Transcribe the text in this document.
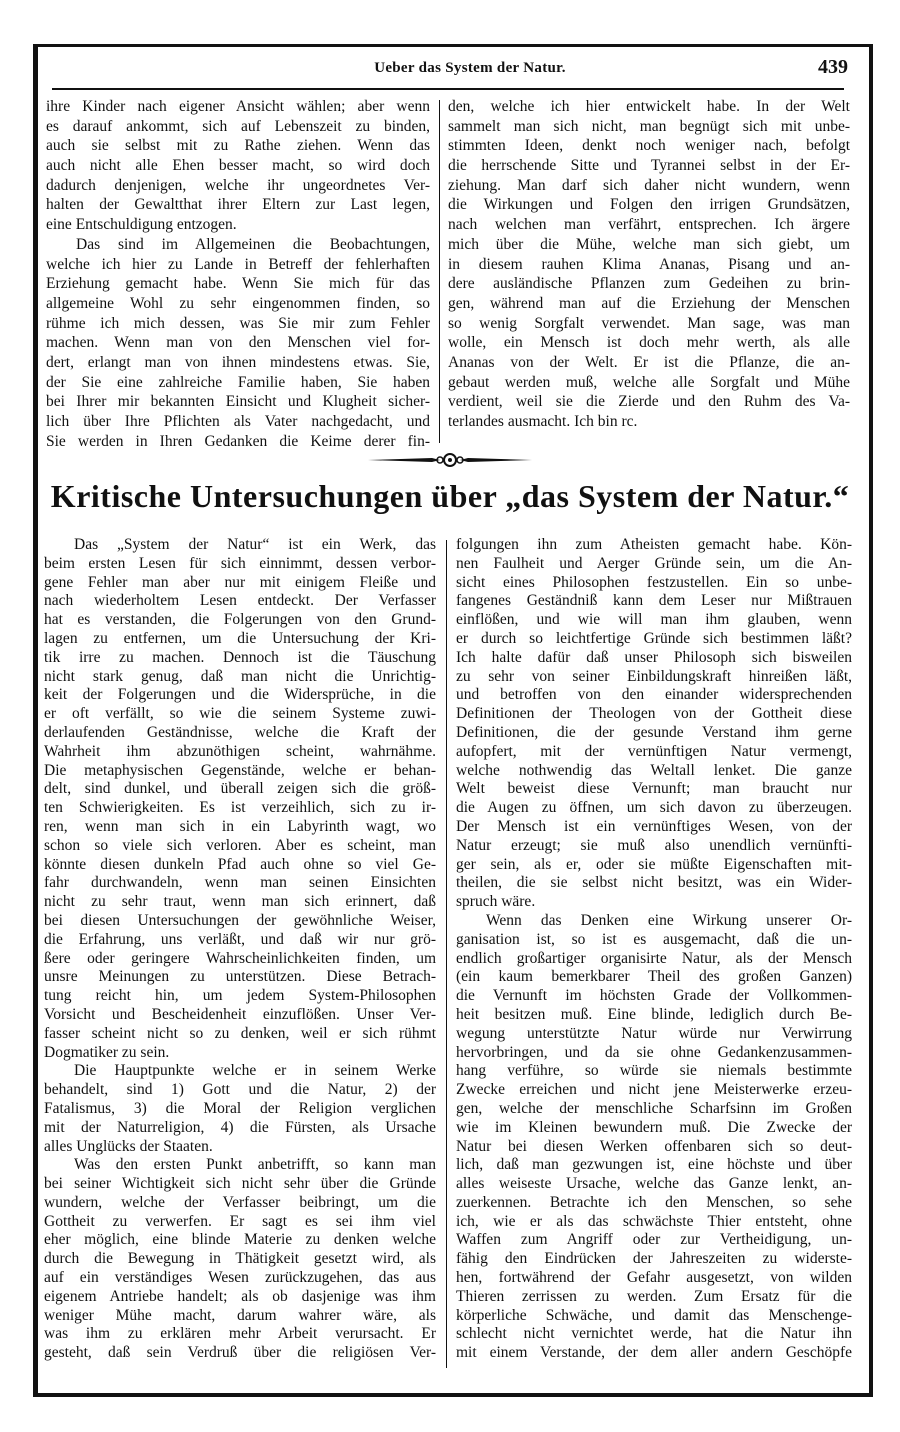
Ueber das System der Natur.	439
ihre Kinder nach eigener Ansicht wählen; aber wenn
es darauf ankommt, sich auf Lebenszeit zu binden,
auch sie selbst mit zu Rathe ziehen. Wenn das
auch nicht alle Ehen besser macht, so wird doch
dadurch denjenigen, welche ihr ungeordnetes Ver-
halten der Gewaltthat ihrer Eltern zur Last legen,
eine Entschuldigung entzogen.
Das sind im Allgemeinen die Beobachtungen,
welche ich hier zu Lande in Betreff der fehlerhaften
Erziehung gemacht habe. Wenn Sie mich für das
allgemeine Wohl zu sehr eingenommen finden, so
rühme ich mich dessen, was Sie mir zum Fehler
machen. Wenn man von den Menschen viel for-
dert, erlangt man von ihnen mindestens etwas. Sie,
der Sie eine zahlreiche Familie haben, Sie haben
bei Ihrer mir bekannten Einsicht und Klugheit sicher-
lich über Ihre Pflichten als Vater nachgedacht, und
Sie werden in Ihren Gedanken die Keime derer fin-
den, welche ich hier entwickelt habe. In der Welt
sammelt man sich nicht, man begnügt sich mit unbe-
stimmten Ideen, denkt noch weniger nach, befolgt
die herrschende Sitte und Tyrannei selbst in der Er-
ziehung. Man darf sich daher nicht wundern, wenn
die Wirkungen und Folgen den irrigen Grundsätzen,
nach welchen man verfährt, entsprechen. Ich ärgere
mich über die Mühe, welche man sich giebt, um
in diesem rauhen Klima Ananas, Pisang und an-
dere ausländische Pflanzen zum Gedeihen zu brin-
gen, während man auf die Erziehung der Menschen
so wenig Sorgfalt verwendet. Man sage, was man
wolle, ein Mensch ist doch mehr werth, als alle
Ananas von der Welt. Er ist die Pflanze, die an-
gebaut werden muß, welche alle Sorgfalt und Mühe
verdient, weil sie die Zierde und den Ruhm des Va-
terlandes ausmacht. Ich bin rc.
Kritische Untersuchungen über „das System der Natur.“
Das „System der Natur“ ist ein Werk, das
beim ersten Lesen für sich einnimmt, dessen verbor-
gene Fehler man aber nur mit einigem Fleiße und
nach wiederholtem Lesen entdeckt. Der Verfasser
hat es verstanden, die Folgerungen von den Grund-
lagen zu entfernen, um die Untersuchung der Kri-
tik irre zu machen. Dennoch ist die Täuschung
nicht stark genug, daß man nicht die Unrichtig-
keit der Folgerungen und die Widersprüche, in die
er oft verfällt, so wie die seinem Systeme zuwi-
derlaufenden Geständnisse, welche die Kraft der
Wahrheit ihm abzunöthigen scheint, wahrnähme.
Die metaphysischen Gegenstände, welche er behan-
delt, sind dunkel, und überall zeigen sich die größ-
ten Schwierigkeiten. Es ist verzeihlich, sich zu ir-
ren, wenn man sich in ein Labyrinth wagt, wo
schon so viele sich verloren. Aber es scheint, man
könnte diesen dunkeln Pfad auch ohne so viel Ge-
fahr durchwandeln, wenn man seinen Einsichten
nicht zu sehr traut, wenn man sich erinnert, daß
bei diesen Untersuchungen der gewöhnliche Weiser,
die Erfahrung, uns verläßt, und daß wir nur grö-
ßere oder geringere Wahrscheinlichkeiten finden, um
unsre Meinungen zu unterstützen. Diese Betrach-
tung reicht hin, um jedem System-Philosophen
Vorsicht und Bescheidenheit einzuflößen. Unser Ver-
fasser scheint nicht so zu denken, weil er sich rühmt
Dogmatiker zu sein.
Die Hauptpunkte welche er in seinem Werke
behandelt, sind 1) Gott und die Natur, 2) der
Fatalismus, 3) die Moral der Religion verglichen
mit der Naturreligion, 4) die Fürsten, als Ursache
alles Unglücks der Staaten.
Was den ersten Punkt anbetrifft, so kann man
bei seiner Wichtigkeit sich nicht sehr über die Gründe
wundern, welche der Verfasser beibringt, um die
Gottheit zu verwerfen. Er sagt es sei ihm viel
eher möglich, eine blinde Materie zu denken welche
durch die Bewegung in Thätigkeit gesetzt wird, als
auf ein verständiges Wesen zurückzugehen, das aus
eigenem Antriebe handelt; als ob dasjenige was ihm
weniger Mühe macht, darum wahrer wäre, als
was ihm zu erklären mehr Arbeit verursacht. Er
gesteht, daß sein Verdruß über die religiösen Ver-
folgungen ihn zum Atheisten gemacht habe. Kön-
nen Faulheit und Aerger Gründe sein, um die An-
sicht eines Philosophen festzustellen. Ein so unbe-
fangenes Geständniß kann dem Leser nur Mißtrauen
einflößen, und wie will man ihm glauben, wenn
er durch so leichtfertige Gründe sich bestimmen läßt?
Ich halte dafür daß unser Philosoph sich bisweilen
zu sehr von seiner Einbildungskraft hinreißen läßt,
und betroffen von den einander widersprechenden
Definitionen der Theologen von der Gottheit diese
Definitionen, die der gesunde Verstand ihm gerne
aufopfert, mit der vernünftigen Natur vermengt,
welche nothwendig das Weltall lenket. Die ganze
Welt beweist diese Vernunft; man braucht nur
die Augen zu öffnen, um sich davon zu überzeugen.
Der Mensch ist ein vernünftiges Wesen, von der
Natur erzeugt; sie muß also unendlich vernünfti-
ger sein, als er, oder sie müßte Eigenschaften mit-
theilen, die sie selbst nicht besitzt, was ein Wider-
spruch wäre.
Wenn das Denken eine Wirkung unserer Or-
ganisation ist, so ist es ausgemacht, daß die un-
endlich großartiger organisirte Natur, als der Mensch
(ein kaum bemerkbarer Theil des großen Ganzen)
die Vernunft im höchsten Grade der Vollkommen-
heit besitzen muß. Eine blinde, lediglich durch Be-
wegung unterstützte Natur würde nur Verwirrung
hervorbringen, und da sie ohne Gedankenzusammen-
hang verführe, so würde sie niemals bestimmte
Zwecke erreichen und nicht jene Meisterwerke erzeu-
gen, welche der menschliche Scharfsinn im Großen
wie im Kleinen bewundern muß. Die Zwecke der
Natur bei diesen Werken offenbaren sich so deut-
lich, daß man gezwungen ist, eine höchste und über
alles weiseste Ursache, welche das Ganze lenkt, an-
zuerkennen. Betrachte ich den Menschen, so sehe
ich, wie er als das schwächste Thier entsteht, ohne
Waffen zum Angriff oder zur Vertheidigung, un-
fähig den Eindrücken der Jahreszeiten zu widerste-
hen, fortwährend der Gefahr ausgesetzt, von wilden
Thieren zerrissen zu werden. Zum Ersatz für die
körperliche Schwäche, und damit das Menschenge-
schlecht nicht vernichtet werde, hat die Natur ihn
mit einem Verstande, der dem aller andern Geschöpfe
